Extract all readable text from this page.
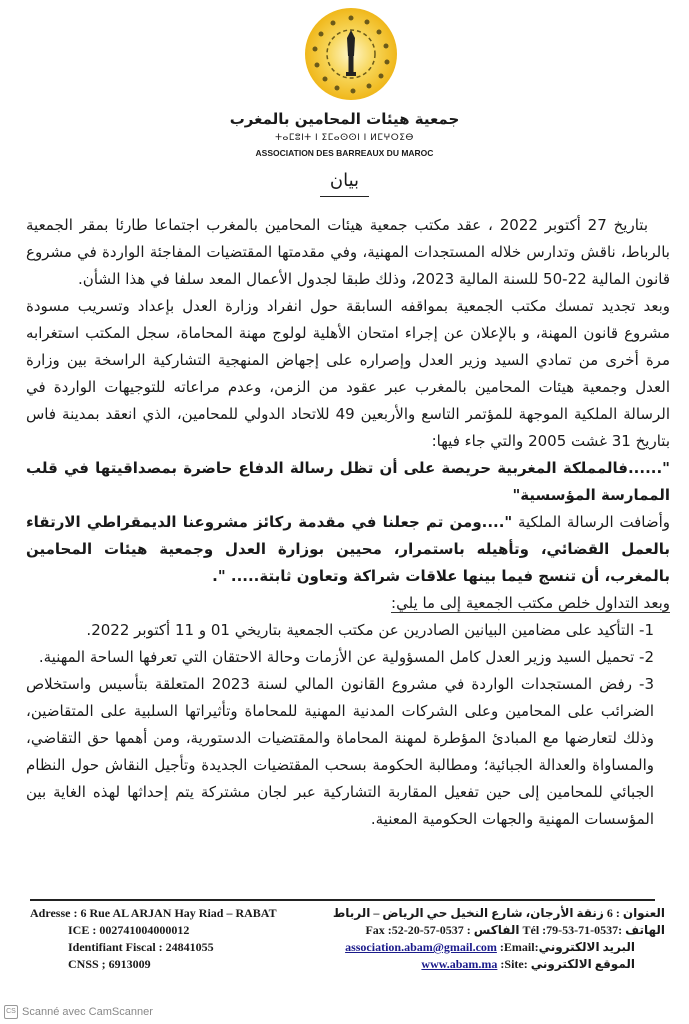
جمعية هيئات المحامين بالمغرب
ⵜⴰⵎⵓⵏⵜ ⵏ ⵉⵎⴰⵙⵙⵏ ⵏ ⵍⵎⵖⵔⵉⴱ
ASSOCIATION DES BARREAUX DU MAROC
بيان

بتاريخ 27 أكتوبر 2022 ، عقد مكتب جمعية هيئات المحامين بالمغرب اجتماعا طارئا بمقر الجمعية بالرباط، ناقش وتدارس خلاله المستجدات المهنية، وفي مقدمتها المقتضيات المفاجئة الواردة في مشروع قانون المالية 22-50 للسنة المالية 2023، وذلك طبقا لجدول الأعمال المعد سلفا في هذا الشأن.

وبعد تجديد تمسك مكتب الجمعية بمواقفه السابقة حول انفراد وزارة العدل بإعداد وتسريب مسودة مشروع قانون المهنة، و بالإعلان عن إجراء امتحان الأهلية لولوج مهنة المحاماة، سجل المكتب استغرابه مرة أخرى من تمادي السيد وزير العدل وإصراره على إجهاض المنهجية التشاركية الراسخة بين وزارة العدل وجمعية هيئات المحامين بالمغرب عبر عقود من الزمن، وعدم مراعاته للتوجيهات الواردة في الرسالة الملكية الموجهة للمؤتمر التاسع والأربعين 49 للاتحاد الدولي للمحامين، الذي انعقد بمدينة فاس بتاريخ 31 غشت 2005 والتي جاء فيها:

"......فالمملكة المغربية حريصة على أن تظل رسالة الدفاع حاضرة بمصداقيتها في قلب الممارسة المؤسسية"

وأضافت الرسالة الملكية "....ومن تم جعلنا في مقدمة ركائز مشروعنا الديمقراطي الارتقاء بالعمل القضائي، وتأهيله باستمرار، محيين بوزارة العدل وجمعية هيئات المحامين بالمغرب، أن تنسج فيما بينها علاقات شراكة وتعاون ثابتة..... ".

وبعد التداول خلص مكتب الجمعية إلى ما يلي:

1- التأكيد على مضامين البيانين الصادرين عن مكتب الجمعية بتاريخي 01 و 11 أكتوبر 2022.
2- تحميل السيد وزير العدل كامل المسؤولية عن الأزمات وحالة الاحتقان التي تعرفها الساحة المهنية.
3- رفض المستجدات الواردة في مشروع القانون المالي لسنة 2023 المتعلقة بتأسيس واستخلاص الضرائب على المحامين وعلى الشركات المدنية المهنية للمحاماة وتأثيراتها السلبية على المتقاضين، وذلك لتعارضها مع المبادئ المؤطرة لمهنة المحاماة والمقتضيات الدستورية، ومن أهمها حق التقاضي، والمساواة والعدالة الجبائية؛ ومطالبة الحكومة بسحب المقتضيات الجديدة وتأجيل النقاش حول النظام الجبائي للمحامين إلى حين تفعيل المقاربة التشاركية عبر لجان مشتركة يتم إحداثها لهذه الغاية بين المؤسسات المهنية والجهات الحكومية المعنية.
Adresse : 6 Rue AL ARJAN Hay Riad – RABAT
ICE : 002741004000012
Identifiant Fiscal : 24841055
CNSS ; 6913009
العنوان : 6 زنقة الأرجان، شارع النخيل حي الرياض – الرباط
الهاتف :0537-71-53-79: Tél الفاكس : 0537-57-20-52: Fax
البريد الالكتروني:association.abam@gmail.com :Email
الموقع الالكتروني :www.abam.ma :Site
CS Scanné avec CamScanner
